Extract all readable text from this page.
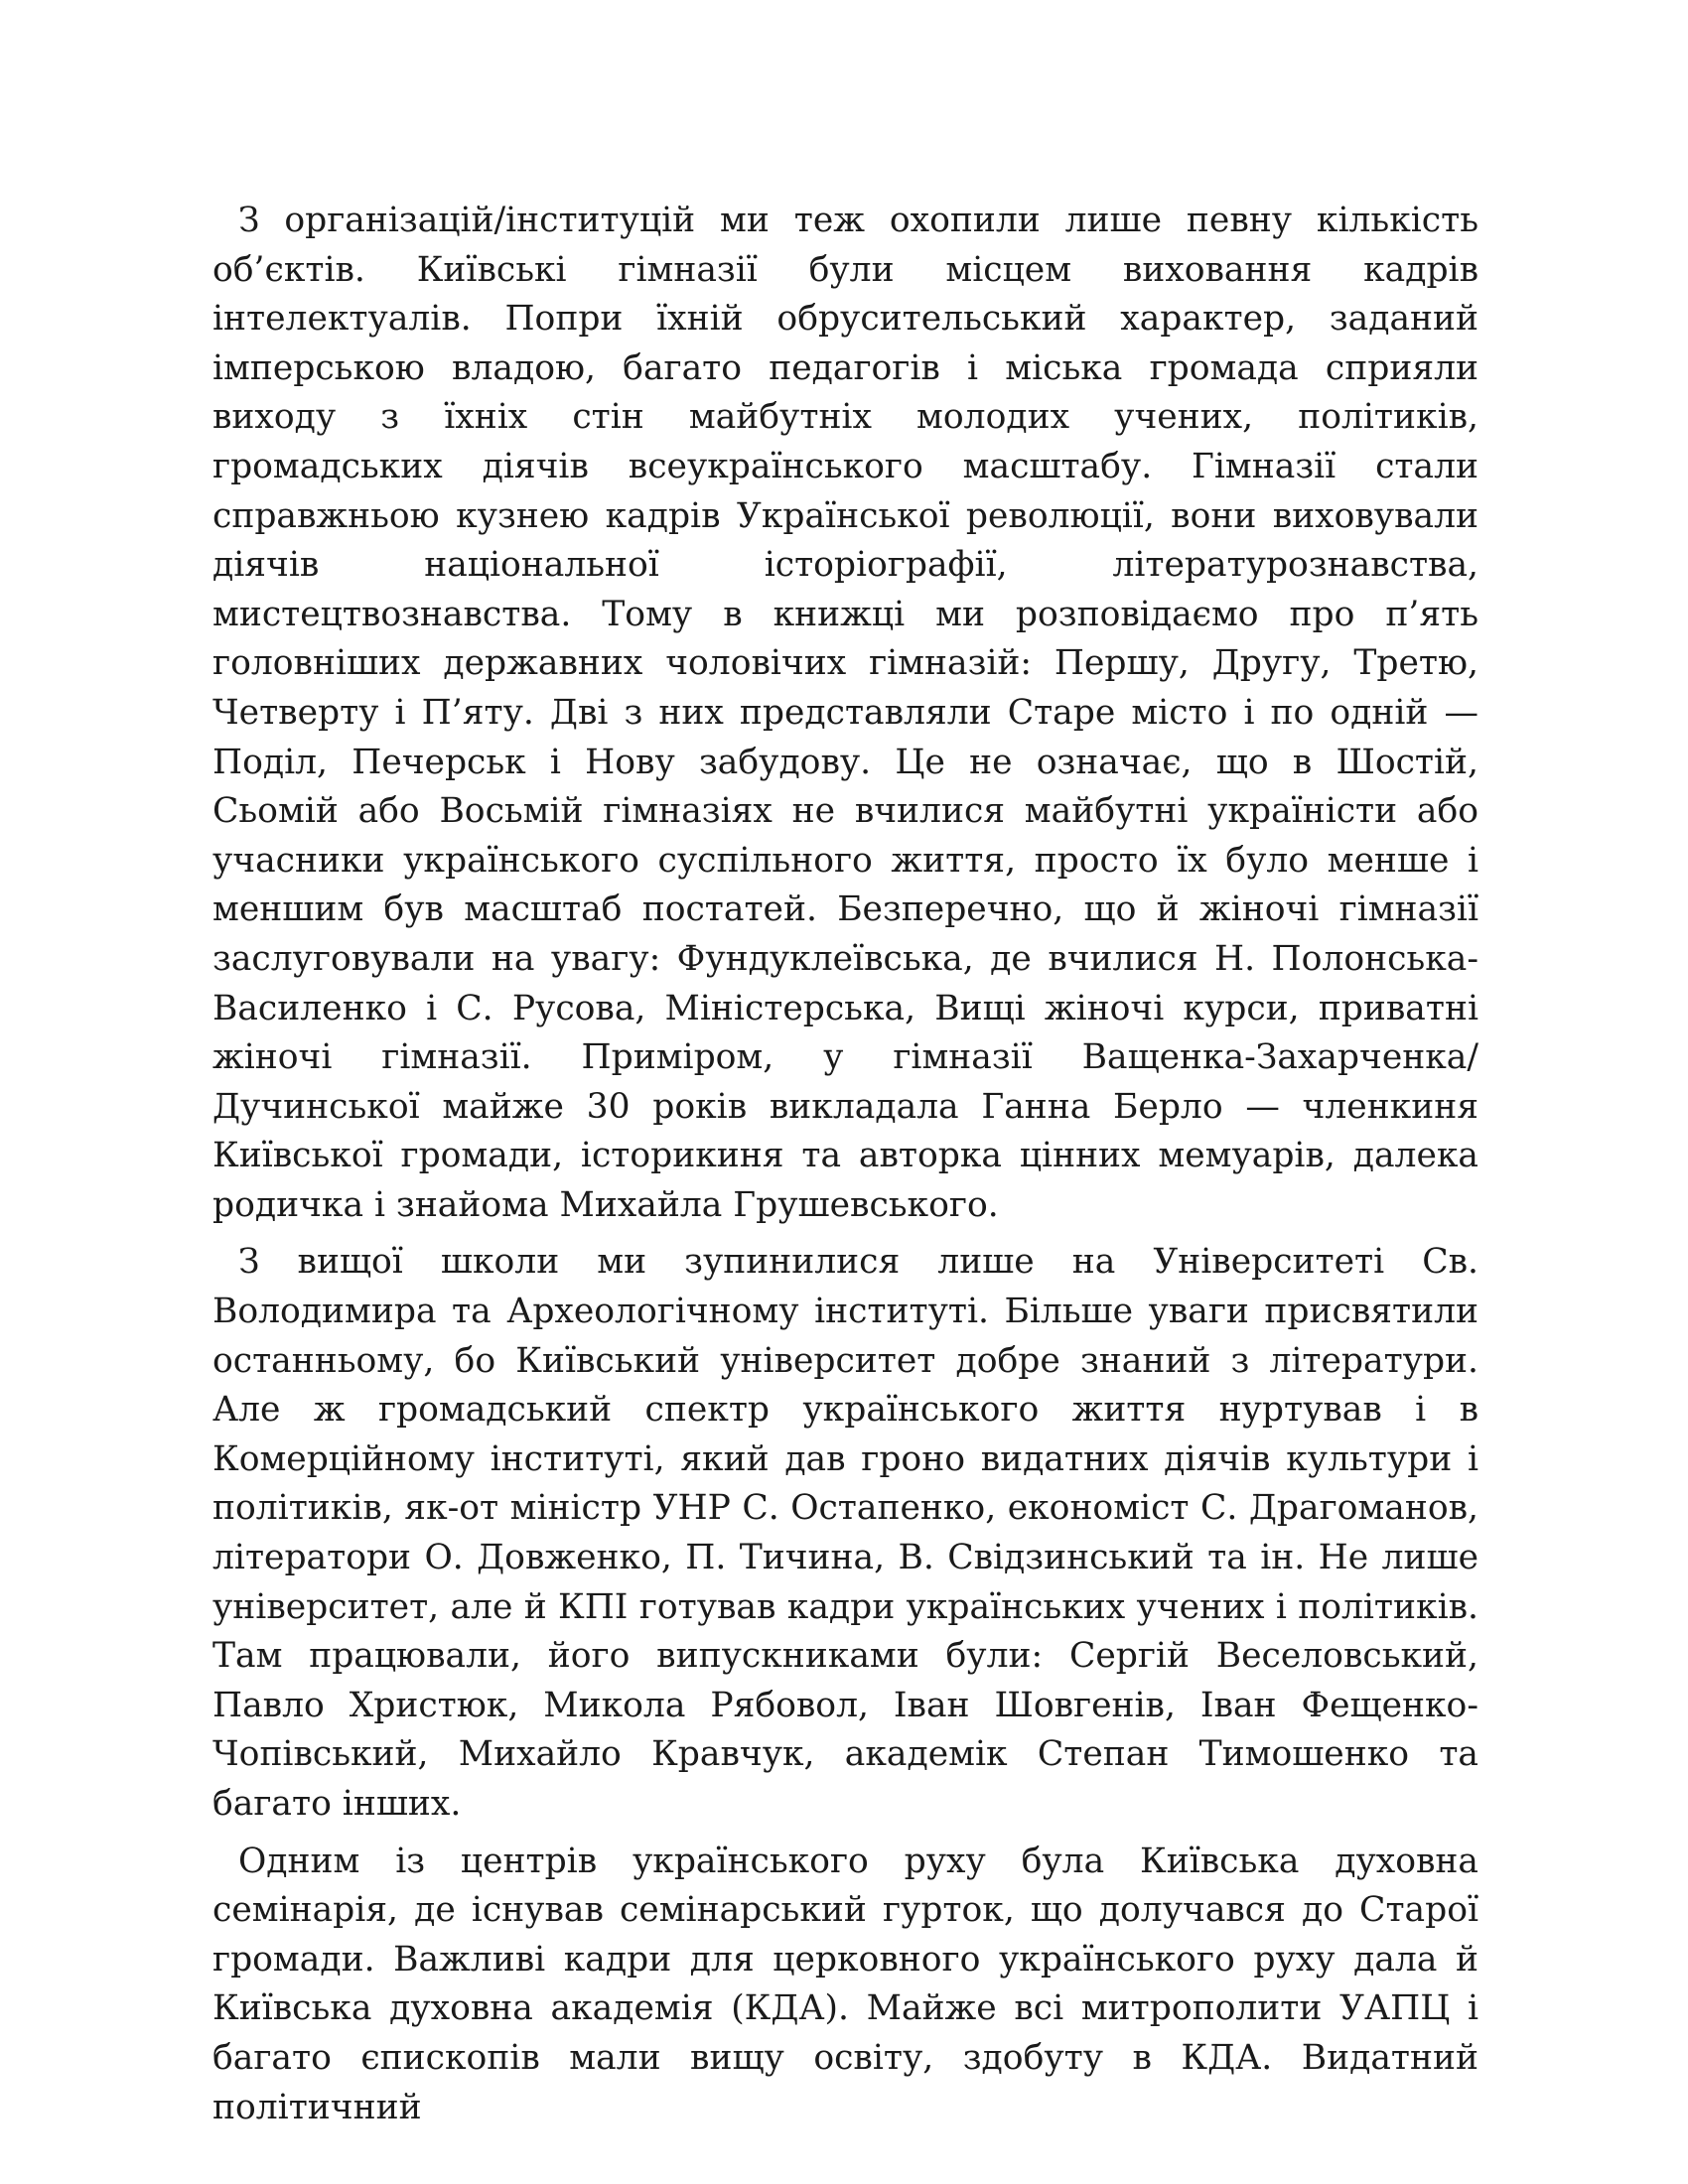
З організацій/інституцій ми теж охопили лише певну кількість об’єктів. Київські гімназії були місцем виховання кадрів інтелектуалів. Попри їхній обрусительський характер, заданий імперською владою, багато педагогів і міська громада сприяли виходу з їхніх стін майбутніх молодих учених, політиків, громадських діячів всеукраїнського масштабу. Гімназії стали справжньою кузнею кадрів Української революції, вони виховували діячів національної історіографії, літературознавства, мистецтвознавства. Тому в книжці ми розповідаємо про п’ять головніших державних чоловічих гімназій: Першу, Другу, Третю, Четверту і П’яту. Дві з них представляли Старе місто і по одній — Поділ, Печерськ і Нову забудову. Це не означає, що в Шостій, Сьомій або Восьмій гімназіях не вчилися майбутні україністи або учасники українського суспільного життя, просто їх було менше і меншим був масштаб постатей. Безперечно, що й жіночі гімназії заслуговували на увагу: Фундуклеївська, де вчилися Н. Полонська-Василенко і С. Русова, Міністерська, Вищі жіночі курси, приватні жіночі гімназії. Приміром, у гімназії Ващенка-Захарченка/Дучинської майже 30 років викладала Ганна Берло — членкиня Київської громади, історикиня та авторка цінних мемуарів, далека родичка і знайома Михайла Грушевського.

З вищої школи ми зупинилися лише на Університеті Св. Володимира та Археологічному інституті. Більше уваги присвятили останньому, бо Київський університет добре знаний з літератури. Але ж громадський спектр українського життя нуртував і в Комерційному інституті, який дав гроно видатних діячів культури і політиків, як-от міністр УНР С. Остапенко, економіст С. Драгоманов, літератори О. Довженко, П. Тичина, В. Свідзинський та ін. Не лише університет, але й КПІ готував кадри українських учених і політиків. Там працювали, його випускниками були: Сергій Веселовський, Павло Христюк, Микола Рябовол, Іван Шовгенів, Іван Фещенко-Чопівський, Михайло Кравчук, академік Степан Тимошенко та багато інших.

Одним із центрів українського руху була Київська духовна семінарія, де існував семінарський гурток, що долучався до Старої громади. Важливі кадри для церковного українського руху дала й Київська духовна академія (КДА). Майже всі митрополити УАПЦ і багато єпископів мали вищу освіту, здобуту в КДА. Видатний політичний
